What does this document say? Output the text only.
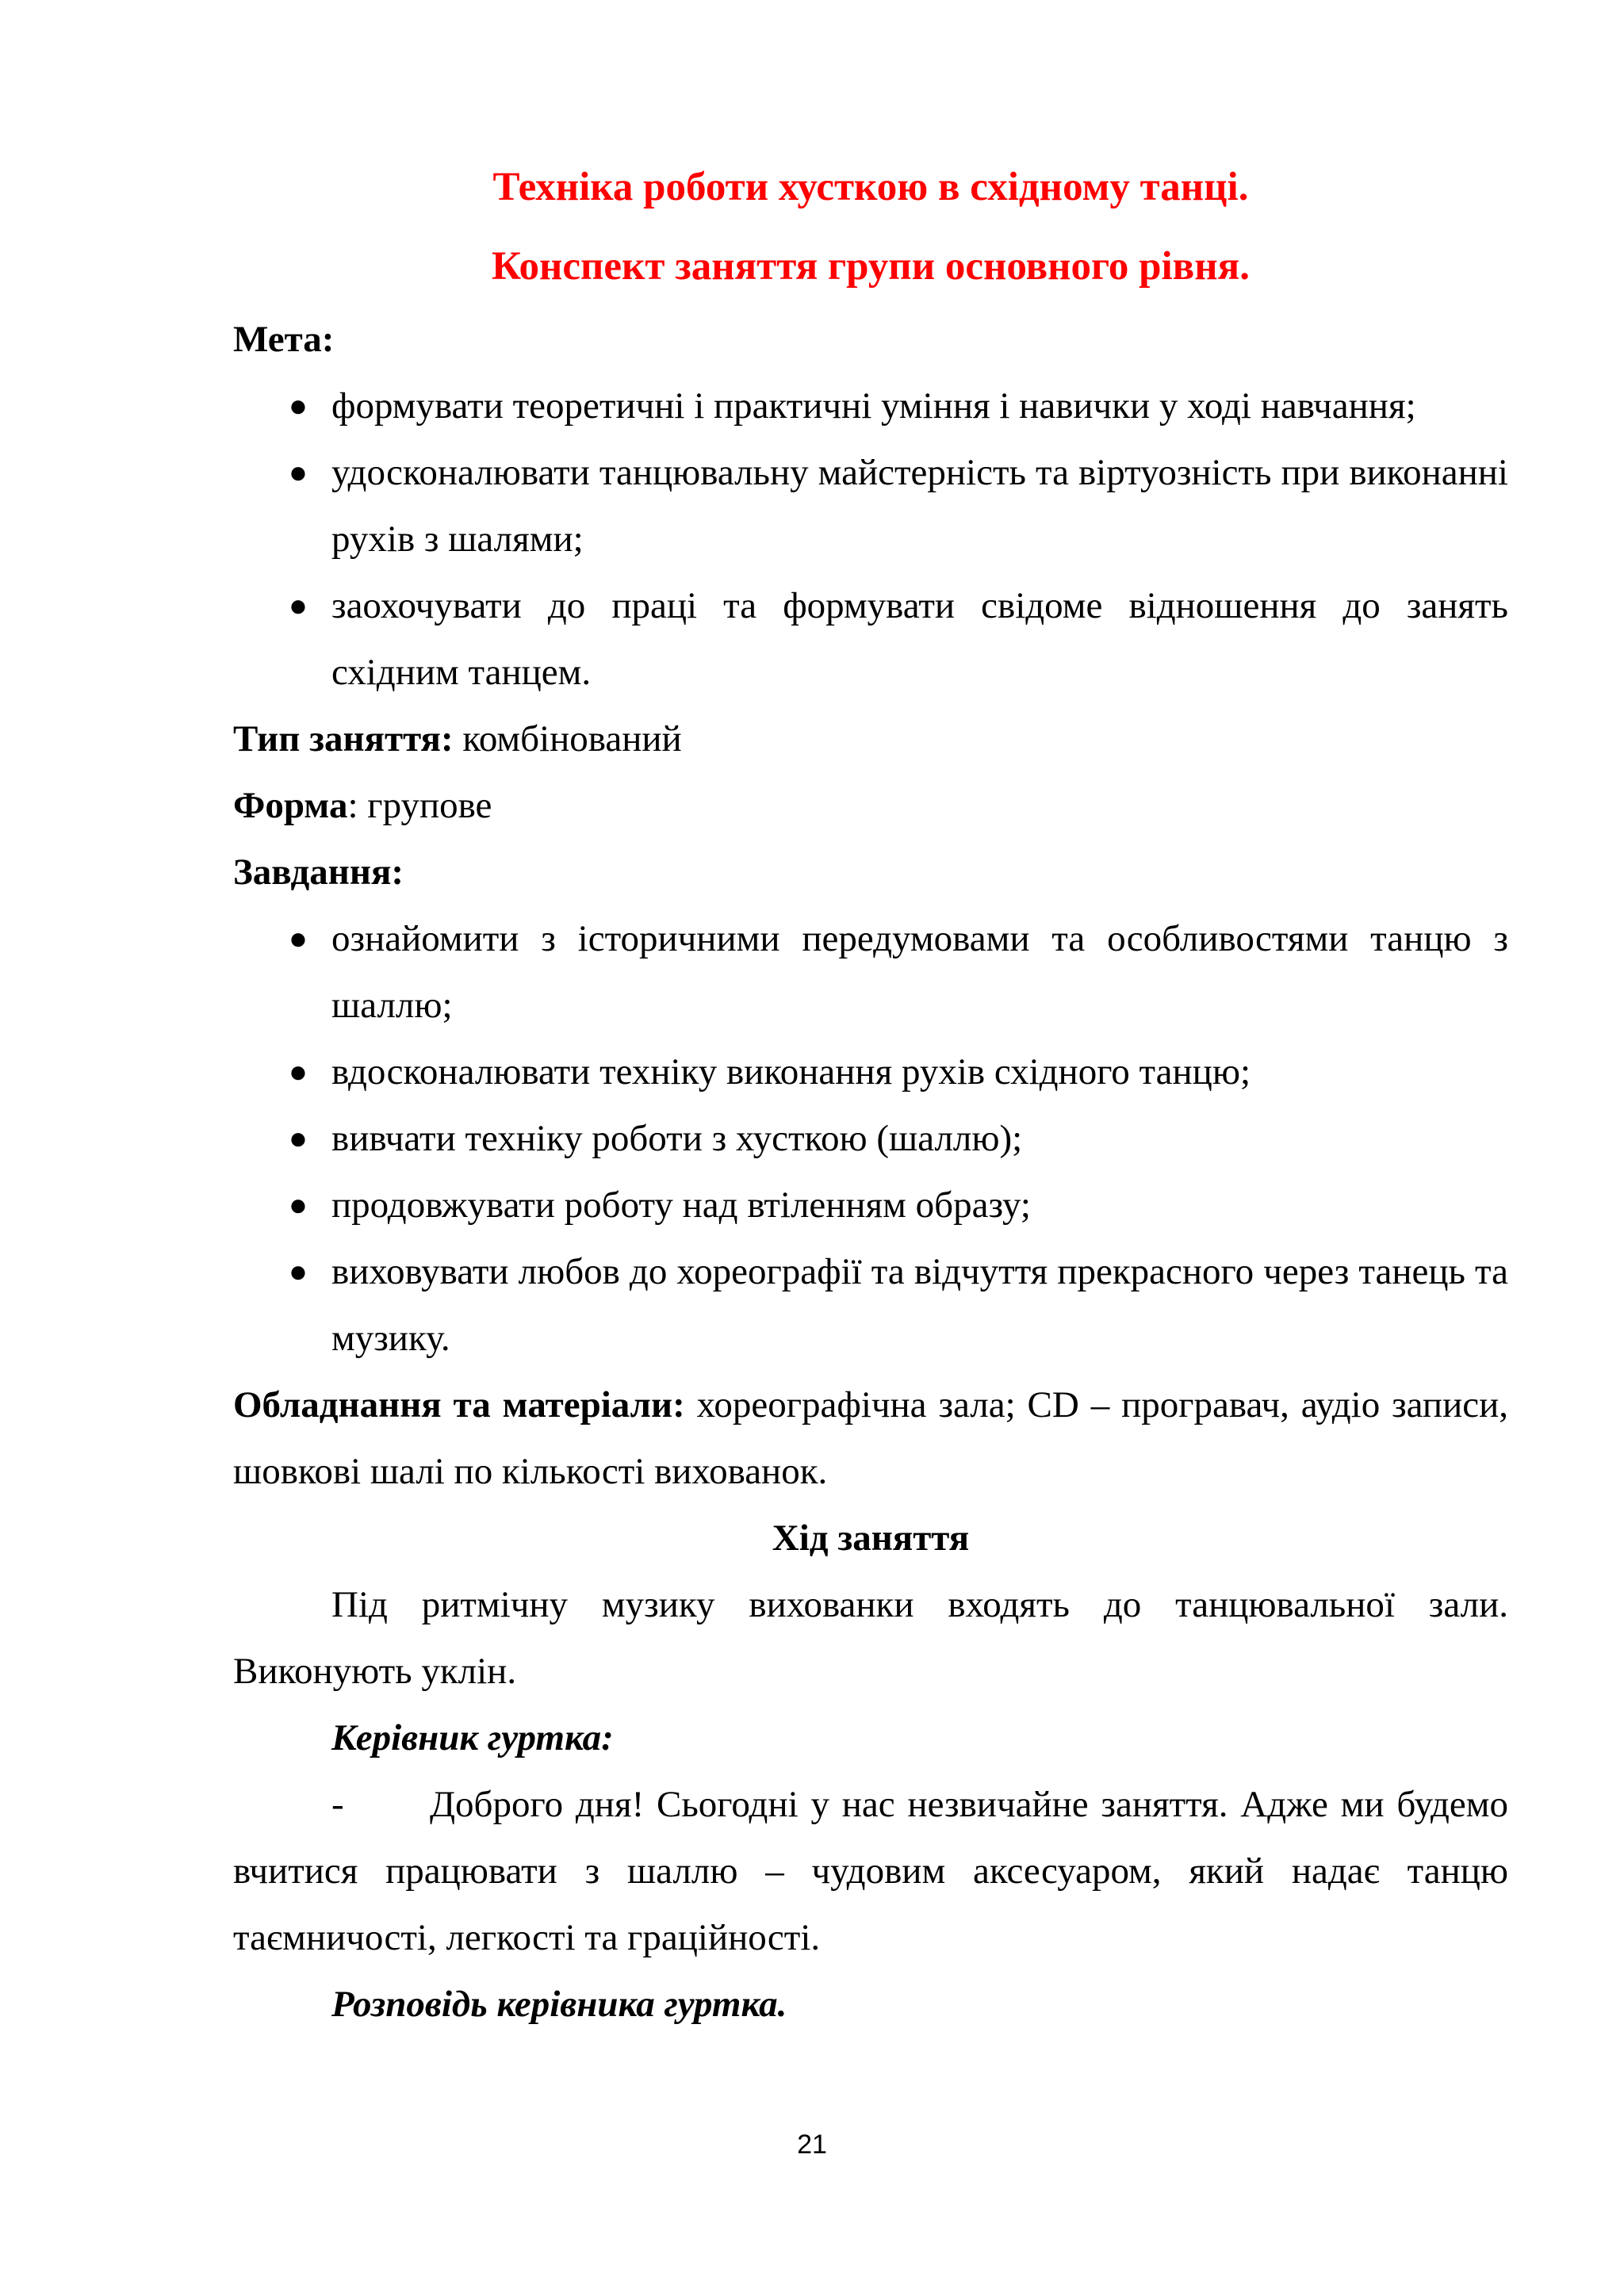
Техніка роботи хусткою в східному танці.

Конспект заняття групи основного рівня.

Мета:

● формувати теоретичні і практичні уміння і навички у ході навчання;
● удосконалювати танцювальну майстерність та віртуозність при виконанні рухів з шалями;
● заохочувати до праці та формувати свідоме відношення до занять східним танцем.

Тип заняття: комбінований

Форма: групове

Завдання:

● ознайомити з історичними передумовами та особливостями танцю з шаллю;
● вдосконалювати техніку виконання рухів східного танцю;
● вивчати техніку роботи з хусткою (шаллю);
● продовжувати роботу над втіленням образу;
● виховувати любов до хореографії та відчуття прекрасного через танець та музику.

Обладнання та матеріали: хореографічна зала; CD – програвач, аудіо записи, шовкові шалі по кількості вихованок.

Хід заняття

Під ритмічну музику вихованки входять до танцювальної зали. Виконують уклін.

Керівник гуртка:

- Доброго дня! Сьогодні у нас незвичайне заняття. Адже ми будемо вчитися працювати з шаллю – чудовим аксесуаром, який надає танцю таємничості, легкості та граційності.

Розповідь керівника гуртка.

21
